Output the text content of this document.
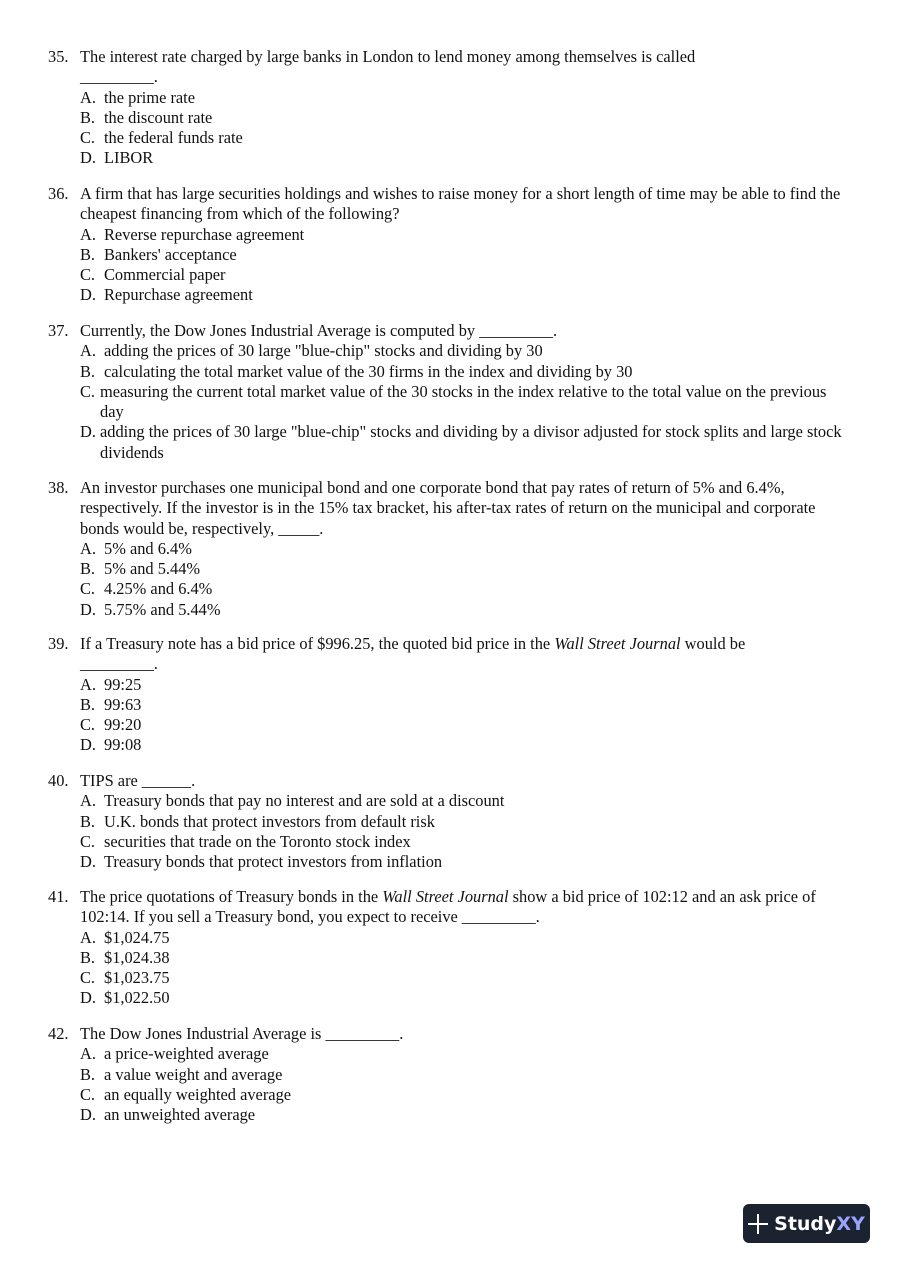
35. The interest rate charged by large banks in London to lend money among themselves is called
_________.
A. the prime rate
B. the discount rate
C. the federal funds rate
D. LIBOR
36. A firm that has large securities holdings and wishes to raise money for a short length of time may be able to find the cheapest financing from which of the following?
A. Reverse repurchase agreement
B. Bankers' acceptance
C. Commercial paper
D. Repurchase agreement
37. Currently, the Dow Jones Industrial Average is computed by _________.
A. adding the prices of 30 large "blue-chip" stocks and dividing by 30
B. calculating the total market value of the 30 firms in the index and dividing by 30
C. measuring the current total market value of the 30 stocks in the index relative to the total value on the previous day
D. adding the prices of 30 large "blue-chip" stocks and dividing by a divisor adjusted for stock splits and large stock dividends
38. An investor purchases one municipal bond and one corporate bond that pay rates of return of 5% and 6.4%, respectively. If the investor is in the 15% tax bracket, his after-tax rates of return on the municipal and corporate bonds would be, respectively, _____.
A. 5% and 6.4%
B. 5% and 5.44%
C. 4.25% and 6.4%
D. 5.75% and 5.44%
39. If a Treasury note has a bid price of $996.25, the quoted bid price in the Wall Street Journal would be
_________.
A. 99:25
B. 99:63
C. 99:20
D. 99:08
40. TIPS are ______.
A. Treasury bonds that pay no interest and are sold at a discount
B. U.K. bonds that protect investors from default risk
C. securities that trade on the Toronto stock index
D. Treasury bonds that protect investors from inflation
41. The price quotations of Treasury bonds in the Wall Street Journal show a bid price of 102:12 and an ask price of 102:14. If you sell a Treasury bond, you expect to receive _________.
A. $1,024.75
B. $1,024.38
C. $1,023.75
D. $1,022.50
42. The Dow Jones Industrial Average is _________.
A. a price-weighted average
B. a value weight and average
C. an equally weighted average
D. an unweighted average
StudyXY
